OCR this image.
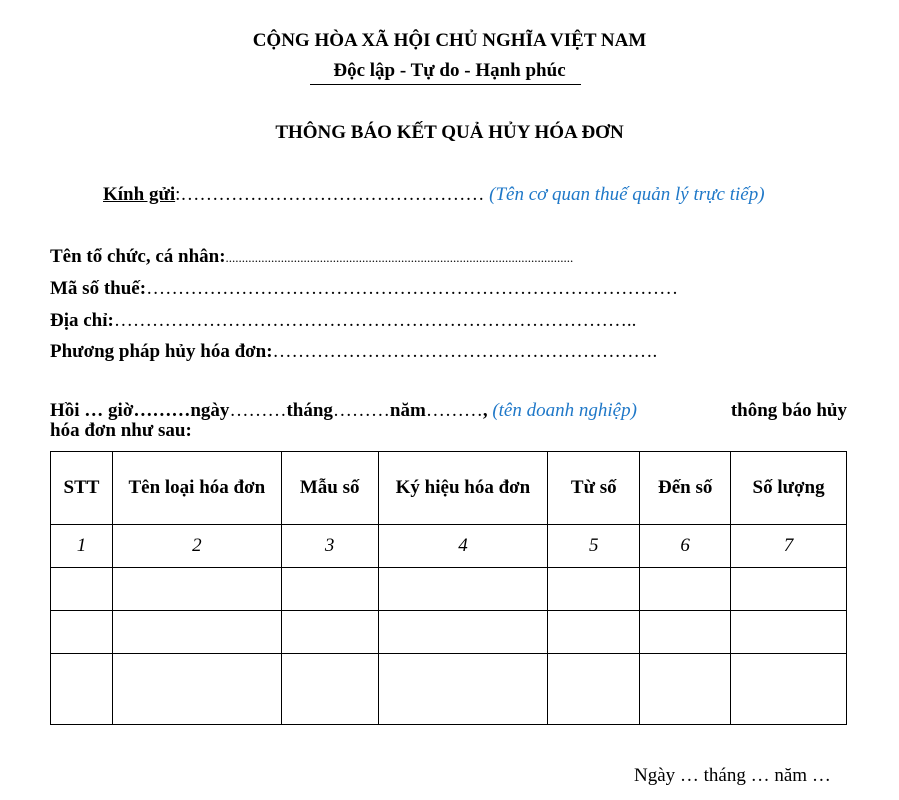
CỘNG HÒA XÃ HỘI CHỦ NGHĨA VIỆT NAM
Độc lập - Tự do - Hạnh phúc
THÔNG BÁO KẾT QUẢ HỦY HÓA ĐƠN
Kính gửi:………………………………………… (Tên cơ quan thuế quản lý trực tiếp)
Tên tổ chức, cá nhân:...........................................................................................................
Mã số thuế:…………………………………………………………………………
Địa chỉ:………………………………………………………………………..
Phương pháp hủy hóa đơn:…………………………………………………….
Hồi … giờ………ngày………tháng………năm………, (tên doanh nghiệp)	thông báo hủy
hóa đơn như sau:
STT	Tên loại hóa đơn	Mẫu số	Ký hiệu hóa đơn	Từ số	Đến số	Số lượng
1	2	3	4	5	6	7

Ngày … tháng … năm …
